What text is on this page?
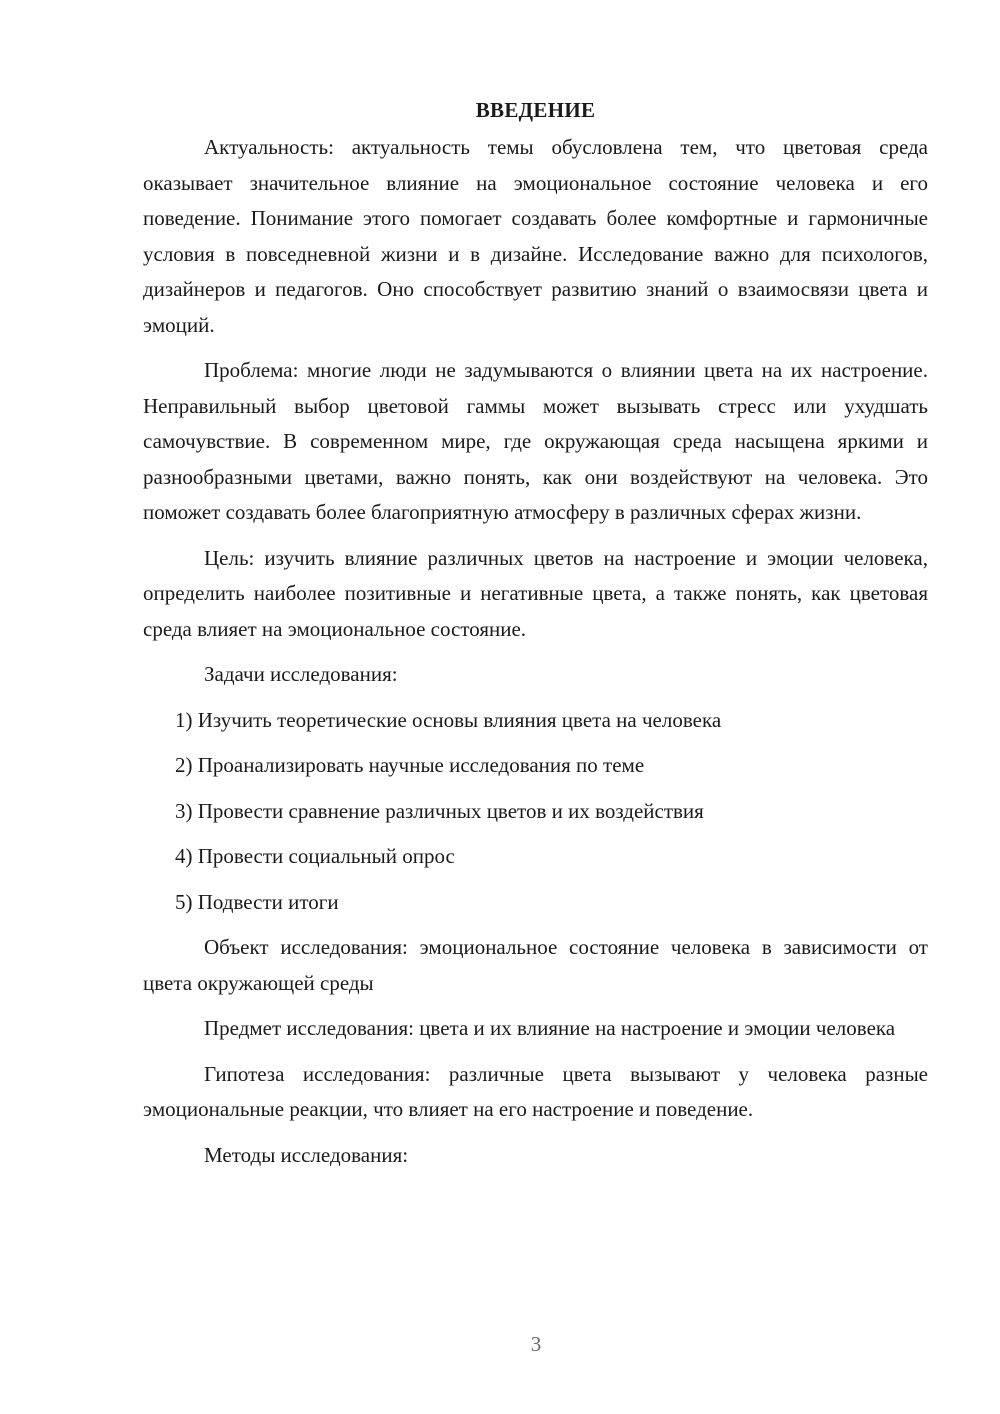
ВВЕДЕНИЕ

Актуальность: актуальность темы обусловлена тем, что цветовая среда оказывает значительное влияние на эмоциональное состояние человека и его поведение. Понимание этого помогает создавать более комфортные и гармоничные условия в повседневной жизни и в дизайне. Исследование важно для психологов, дизайнеров и педагогов. Оно способствует развитию знаний о взаимосвязи цвета и эмоций.

Проблема: многие люди не задумываются о влиянии цвета на их настроение. Неправильный выбор цветовой гаммы может вызывать стресс или ухудшать самочувствие. В современном мире, где окружающая среда насыщена яркими и разнообразными цветами, важно понять, как они воздействуют на человека. Это поможет создавать более благоприятную атмосферу в различных сферах жизни.

Цель: изучить влияние различных цветов на настроение и эмоции человека, определить наиболее позитивные и негативные цвета, а также понять, как цветовая среда влияет на эмоциональное состояние.

Задачи исследования:

1) Изучить теоретические основы влияния цвета на человека
2) Проанализировать научные исследования по теме
3) Провести сравнение различных цветов и их воздействия
4) Провести социальный опрос
5) Подвести итоги

Объект исследования: эмоциональное состояние человека в зависимости от цвета окружающей среды

Предмет исследования: цвета и их влияние на настроение и эмоции человека

Гипотеза исследования: различные цвета вызывают у человека разные эмоциональные реакции, что влияет на его настроение и поведение.

Методы исследования:

3
